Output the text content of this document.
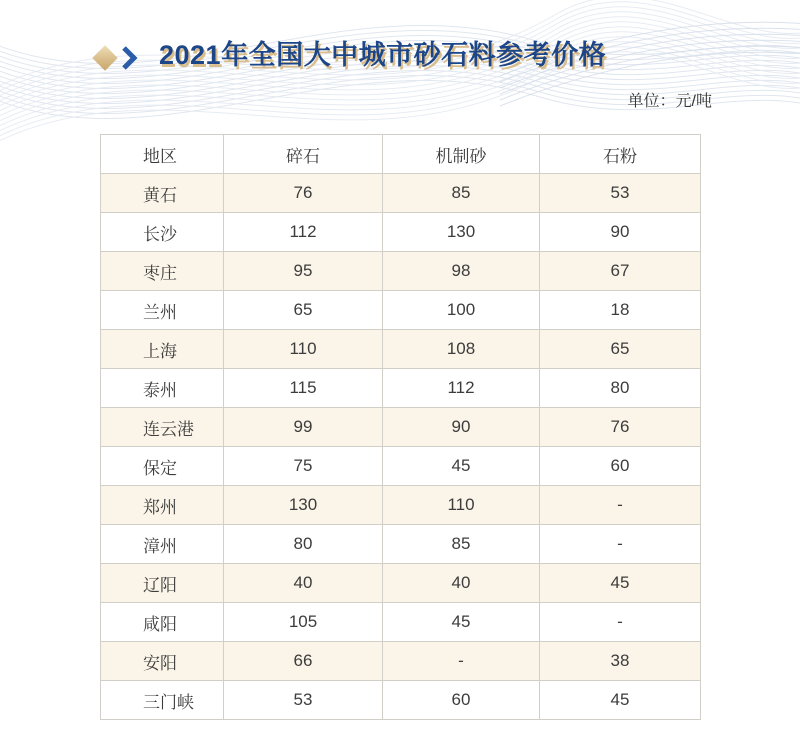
2021年全国大中城市砂石料参考价格
单位：元/吨
地区	碎石	机制砂	石粉
黄石	76	85	53
长沙	112	130	90
枣庄	95	98	67
兰州	65	100	18
上海	110	108	65
泰州	115	112	80
连云港	99	90	76
保定	75	45	60
郑州	130	110	-
漳州	80	85	-
辽阳	40	40	45
咸阳	105	45	-
安阳	66	-	38
三门峡	53	60	45
